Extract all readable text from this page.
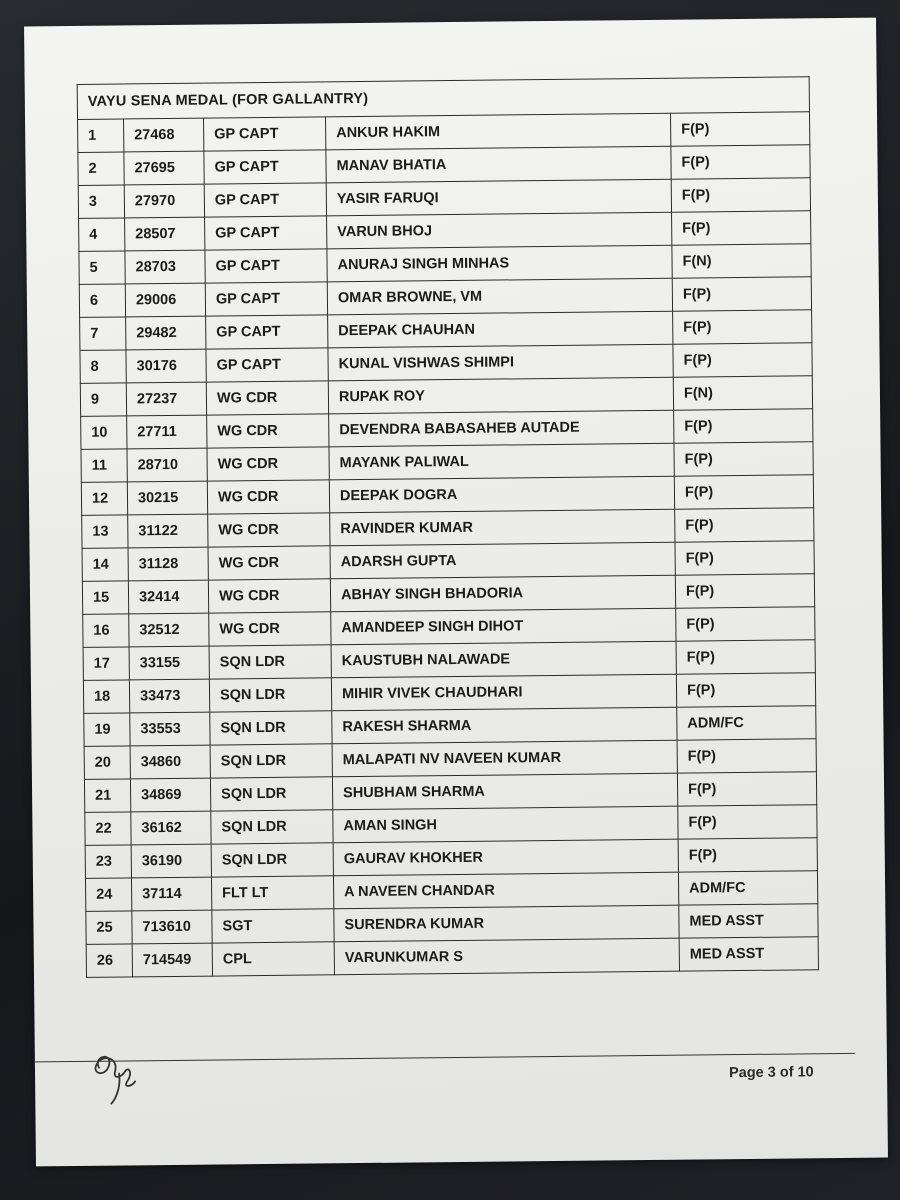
VAYU SENA MEDAL (FOR GALLANTRY)				
1	27468	GP CAPT	ANKUR HAKIM	F(P)
2	27695	GP CAPT	MANAV BHATIA	F(P)
3	27970	GP CAPT	YASIR FARUQI	F(P)
4	28507	GP CAPT	VARUN BHOJ	F(P)
5	28703	GP CAPT	ANURAJ SINGH MINHAS	F(N)
6	29006	GP CAPT	OMAR BROWNE, VM	F(P)
7	29482	GP CAPT	DEEPAK CHAUHAN	F(P)
8	30176	GP CAPT	KUNAL VISHWAS SHIMPI	F(P)
9	27237	WG CDR	RUPAK ROY	F(N)
10	27711	WG CDR	DEVENDRA BABASAHEB AUTADE	F(P)
11	28710	WG CDR	MAYANK PALIWAL	F(P)
12	30215	WG CDR	DEEPAK DOGRA	F(P)
13	31122	WG CDR	RAVINDER KUMAR	F(P)
14	31128	WG CDR	ADARSH GUPTA	F(P)
15	32414	WG CDR	ABHAY SINGH BHADORIA	F(P)
16	32512	WG CDR	AMANDEEP SINGH DIHOT	F(P)
17	33155	SQN LDR	KAUSTUBH NALAWADE	F(P)
18	33473	SQN LDR	MIHIR VIVEK CHAUDHARI	F(P)
19	33553	SQN LDR	RAKESH SHARMA	ADM/FC
20	34860	SQN LDR	MALAPATI NV NAVEEN KUMAR	F(P)
21	34869	SQN LDR	SHUBHAM SHARMA	F(P)
22	36162	SQN LDR	AMAN SINGH	F(P)
23	36190	SQN LDR	GAURAV KHOKHER	F(P)
24	37114	FLT LT	A NAVEEN CHANDAR	ADM/FC
25	713610	SGT	SURENDRA KUMAR	MED ASST
26	714549	CPL	VARUNKUMAR S	MED ASST
Page 3 of 10
